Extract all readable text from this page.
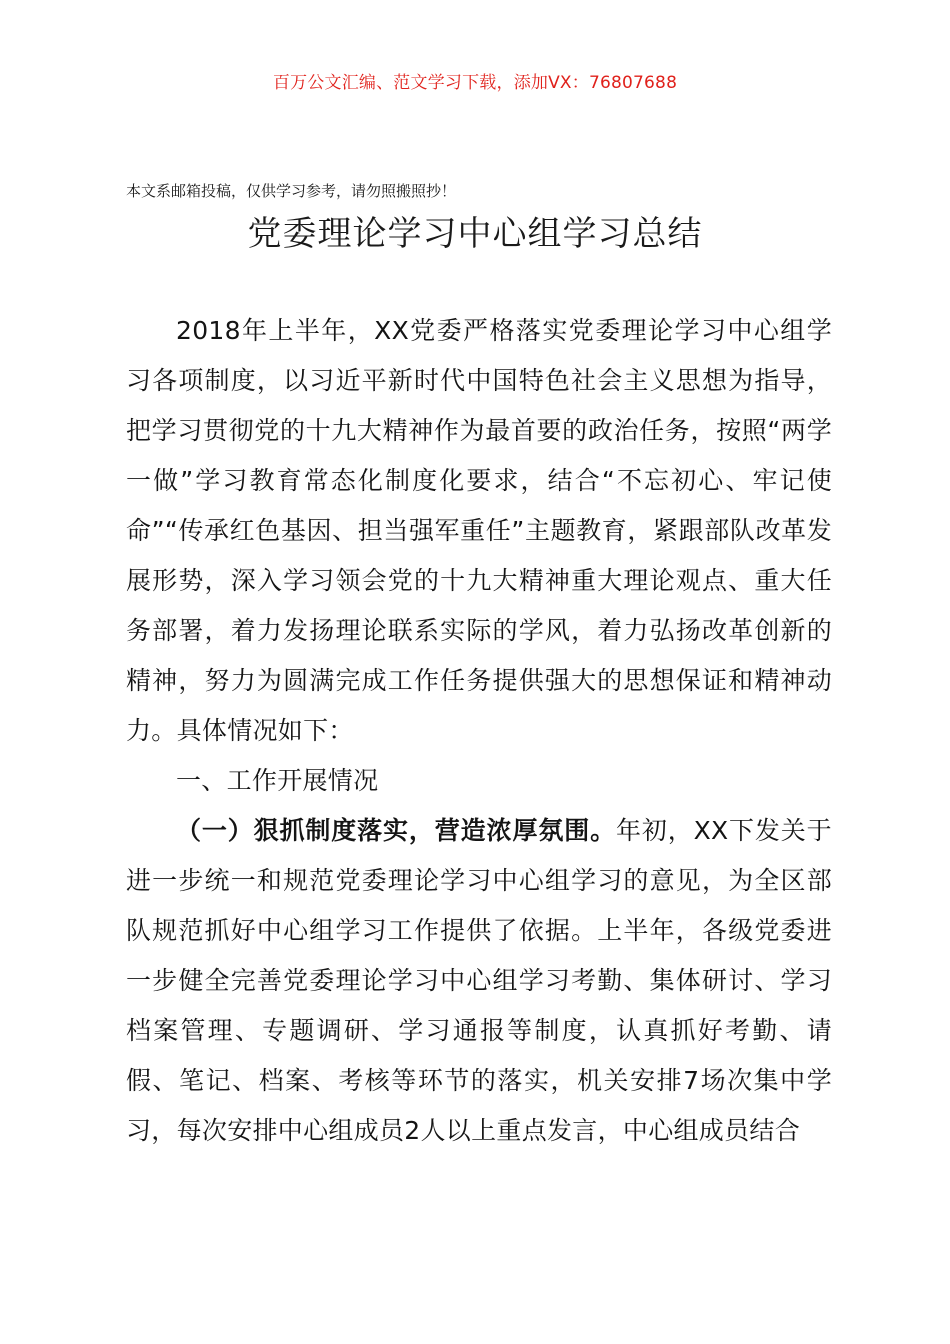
百万公文汇编、范文学习下载，添加VX：76807688
本文系邮箱投稿，仅供学习参考，请勿照搬照抄！
党委理论学习中心组学习总结

2018年上半年，XX党委严格落实党委理论学习中心组学习各项制度，以习近平新时代中国特色社会主义思想为指导，把学习贯彻党的十九大精神作为最首要的政治任务，按照“两学一做”学习教育常态化制度化要求，结合“不忘初心、牢记使命”“传承红色基因、担当强军重任”主题教育，紧跟部队改革发展形势，深入学习领会党的十九大精神重大理论观点、重大任务部署，着力发扬理论联系实际的学风，着力弘扬改革创新的精神，努力为圆满完成工作任务提供强大的思想保证和精神动力。具体情况如下：

一、工作开展情况

（一）狠抓制度落实，营造浓厚氛围。年初，XX下发关于进一步统一和规范党委理论学习中心组学习的意见，为全区部队规范抓好中心组学习工作提供了依据。上半年，各级党委进一步健全完善党委理论学习中心组学习考勤、集体研讨、学习档案管理、专题调研、学习通报等制度，认真抓好考勤、请假、笔记、档案、考核等环节的落实，机关安排7场次集中学习，每次安排中心组成员2人以上重点发言，中心组成员结合
